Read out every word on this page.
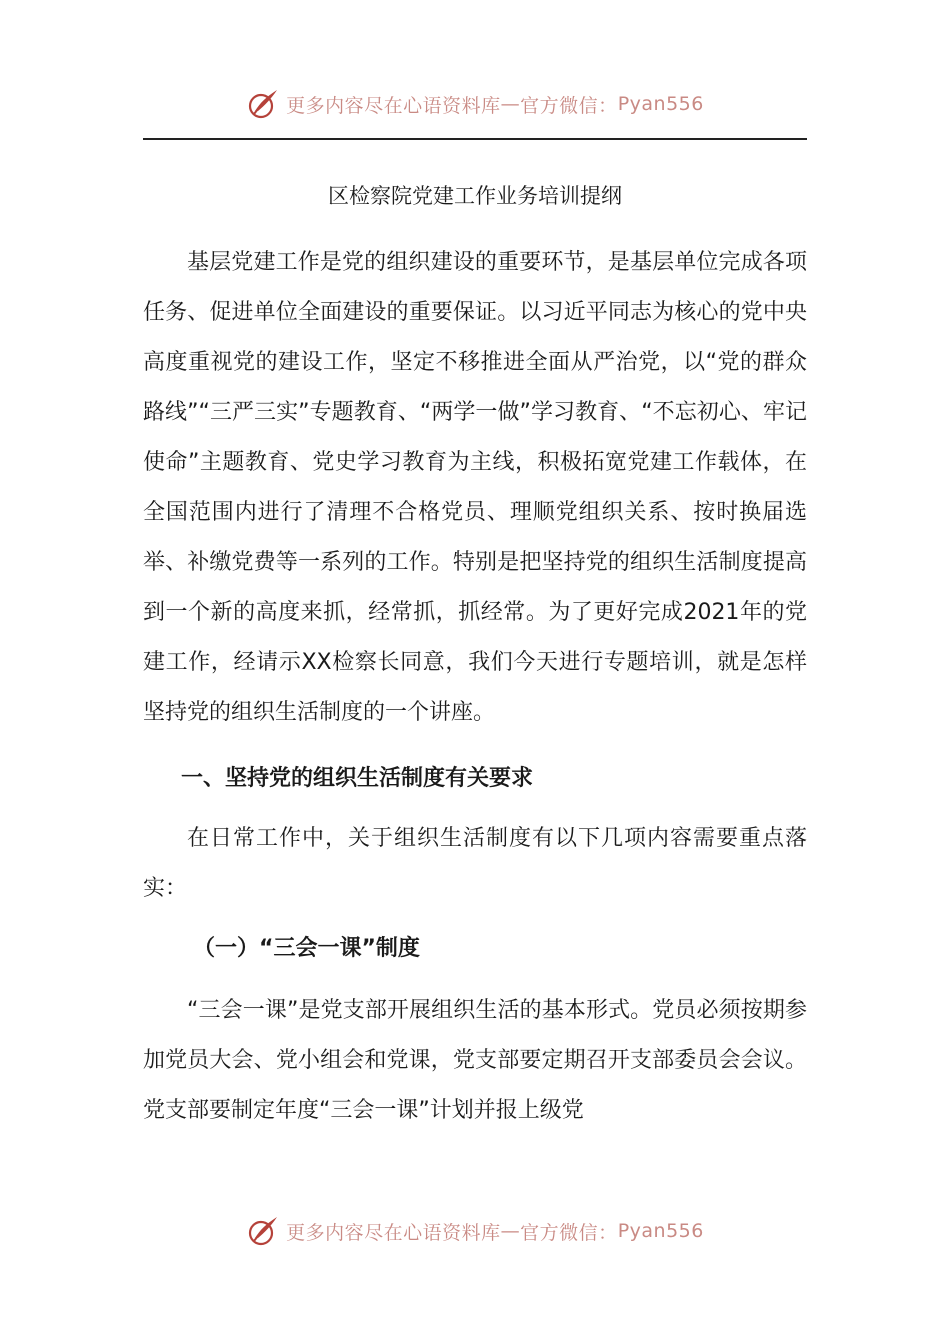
更多内容尽在心语资料库 — 官方微信： Pyan556
区检察院党建工作业务培训提纲

基层党建工作是党的组织建设的重要环节，是基层单位完成各项任务、促进单位全面建设的重要保证。以习近平同志为核心的党中央高度重视党的建设工作，坚定不移推进全面从严治党，以“党的群众路线”“三严三实”专题教育、“两学一做”学习教育、“不忘初心、牢记使命”主题教育、党史学习教育为主线，积极拓宽党建工作载体，在全国范围内进行了清理不合格党员、理顺党组织关系、按时换届选举、补缴党费等一系列的工作。特别是把坚持党的组织生活制度提高到一个新的高度来抓，经常抓，抓经常。为了更好完成2021年的党建工作，经请示XX检察长同意，我们今天进行专题培训，就是怎样坚持党的组织生活制度的一个讲座。

一、坚持党的组织生活制度有关要求

在日常工作中，关于组织生活制度有以下几项内容需要重点落实：

（一）“三会一课”制度

“三会一课”是党支部开展组织生活的基本形式。党员必须按期参加党员大会、党小组会和党课，党支部要定期召开支部委员会会议。党支部要制定年度“三会一课”计划并报上级党

更多内容尽在心语资料库 — 官方微信： Pyan556
